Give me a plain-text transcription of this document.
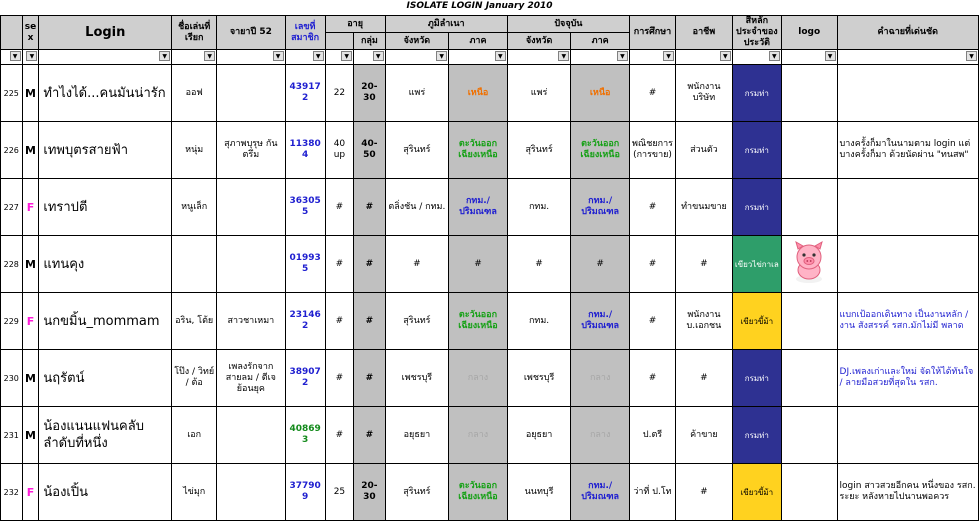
ISOLATE LOGIN January 2010
	sex	Login	ชื่อเล่นที่เรียก	จายาปี 52	เลขที่สมาชิก	อายุ		ภูมิลำเนา		ปัจจุบัน		การศึกษา	อาชีพ	สีหลักประจำของประวัติ	logo	คำฉายที่เด่นชัด
							กลุ่ม	จังหวัด	ภาค	จังหวัด	ภาค					

▼	▼	▼	▼	▼	▼	▼	▼	▼	▼	▼	▼	▼	▼	▼	▼	▼

225	M	ทำไงได้...คนมันน่ารัก	ออฟ		439172	22	20-30	แพร่	เหนือ	แพร่	เหนือ	#	พนักงาน บริษัท	กรมท่า		
226	M	เทพบุตรสายฟ้า	หนุ่ม	สุภาพบุรุษ กันตรึม	113804	40 up	40-50	สุรินทร์	ตะวันออก เฉียงเหนือ	สุรินทร์	ตะวันออก เฉียงเหนือ	พณิชยการ (การขาย)	ส่วนตัว	กรมท่า		บางครั้งก็มาในนามตาม login แต่บางครั้งก็มา ด้วยนัดผ่าน "ทนสพ"
227	F	เทราปตี	หนูเล็ก		363055	#	#	ตลิ่งชัน / กทม.	กทม./ ปริมณฑล	กทม.	กทม./ ปริมณฑล	#	ทำขนมขาย	กรมท่า		
228	M	แทนคุง			019935	#	#	#	#	#	#	#	#	เขียวไข่กาเล		
229	F	นกขมิ้น_mommam	อริน, โต้ย	สาวชาเหมา	231462	#	#	สุรินทร์	ตะวันออก เฉียงเหนือ	กทม.	กทม./ ปริมณฑล	#	พนักงาน บ.เอกชน	เขียวขี้ม้า		แบกเป้ออกเดินทาง เป็นงานหลัก / งาน สังสรรค์ รสก.มักไม่มี พลาด
230	M	นฤรัตน์	โป๊ง / วิทย์ / ต้อ	เพลงรักจาก สายลม / ตีเจ ย้อนยุค	389072	#	#	เพชรบุรี	กลาง	เพชรบุรี	กลาง	#	#	กรมท่า		DJ.เพลงเก่าและใหม่ จัดให้ได้ทันใจ / ลายมือสวยที่สุดใน รสก.
231	M	น้องแนนแฟนคลับ ลำดับที่หนึ่ง	เอก		408693	#	#	อยุธยา	กลาง	อยุธยา	กลาง	ป.ตรี	ค้าขาย	กรมท่า		
232	F	น้องเปิ้น	ไข่มุก		377909	25	20-30	สุรินทร์	ตะวันออก เฉียงเหนือ	นนทบุรี	กทม./ ปริมณฑล	ว่าที่ ป.โท	#	เขียวขี้ม้า		login สาวสวยอีกคน หนึ่งของ รสก. ระยะ หลังหายไปนานพอควร
